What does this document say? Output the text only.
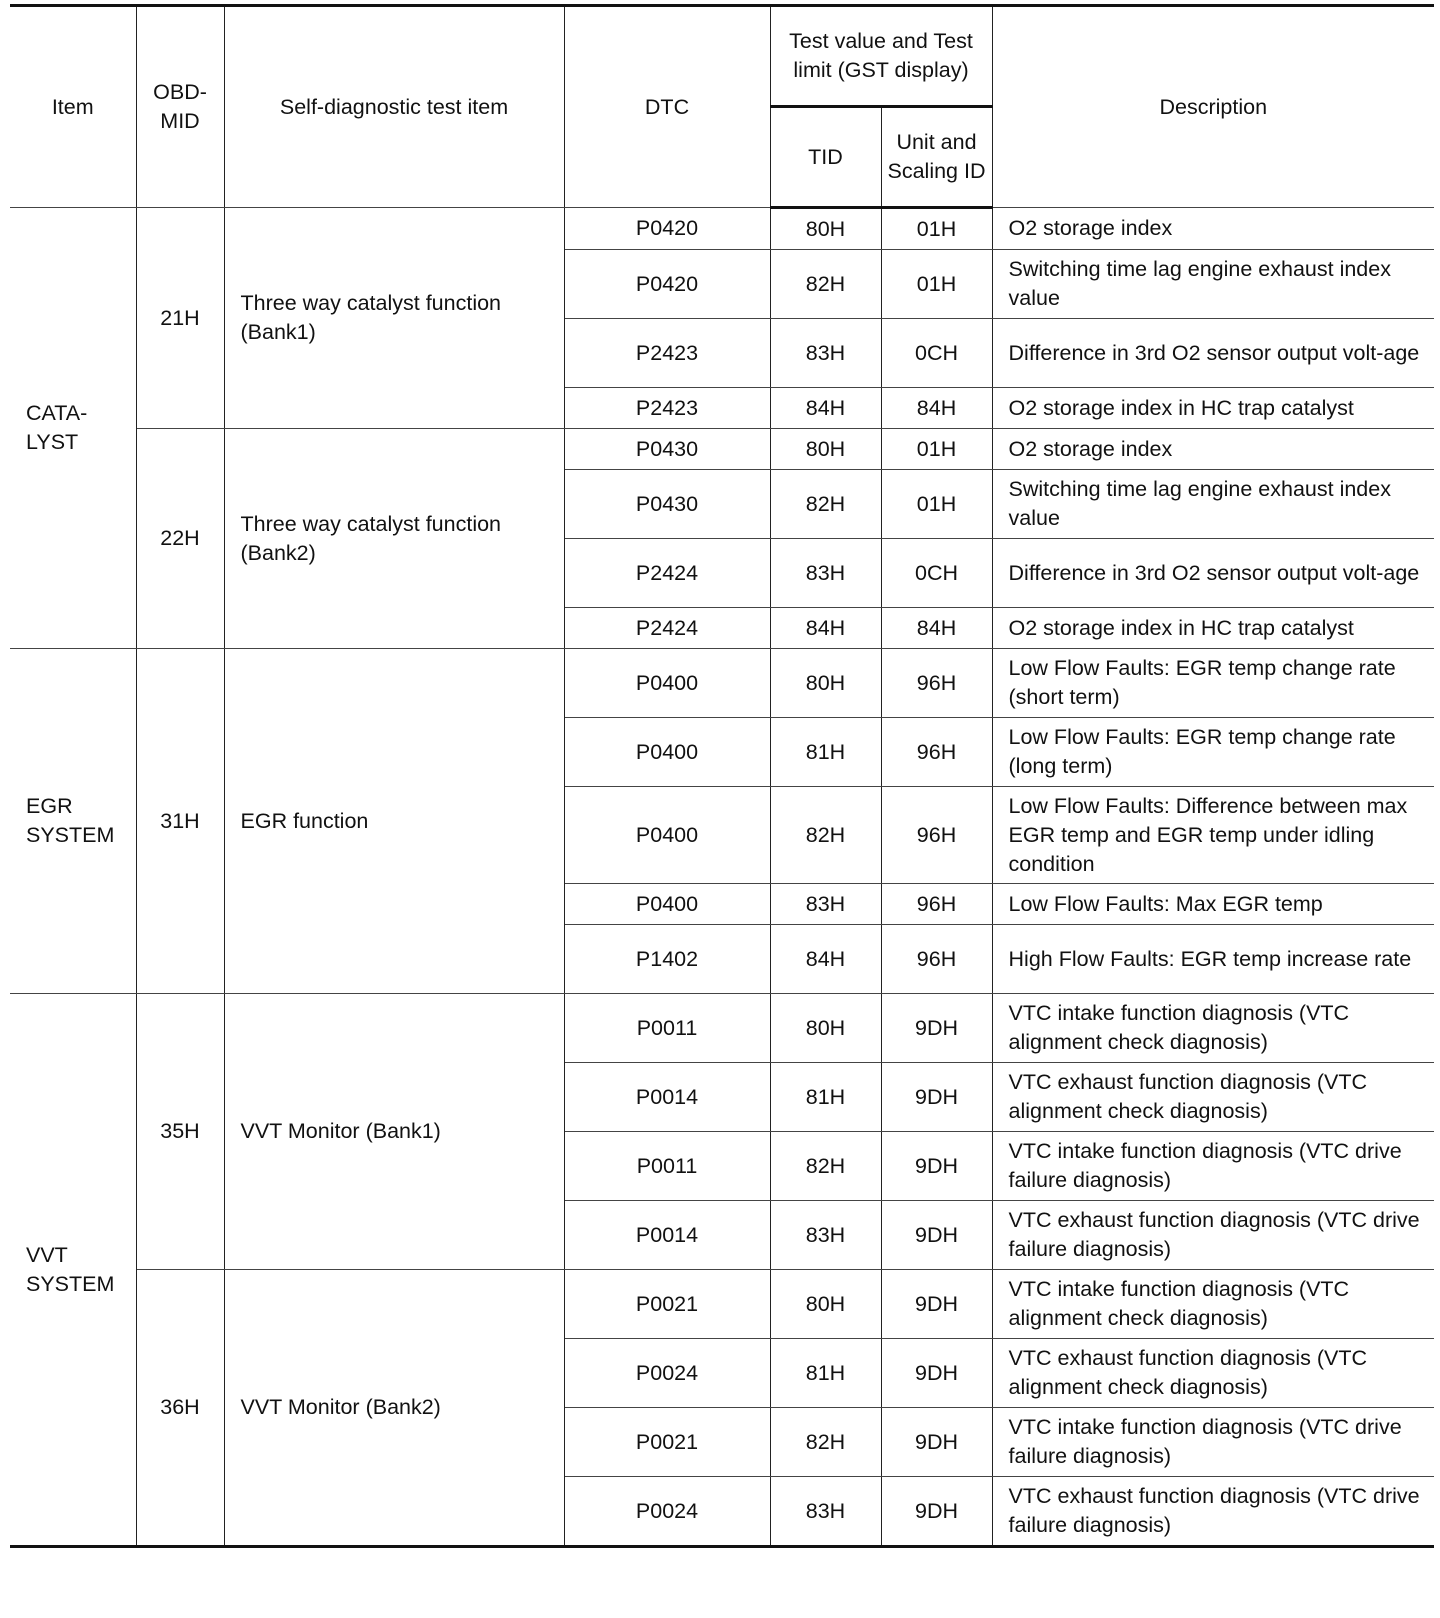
Item	OBD-MID	Self-diagnostic test item	DTC	Test value and Test limit (GST display)		Description
				TID	Unit and Scaling ID	
CATA-LYST	21H	Three way catalyst function (Bank1)	P0420	80H	01H	O2 storage index
			P0420	82H	01H	Switching time lag engine exhaust index value
			P2423	83H	0CH	Difference in 3rd O2 sensor output volt-age
			P2423	84H	84H	O2 storage index in HC trap catalyst
	22H	Three way catalyst function (Bank2)	P0430	80H	01H	O2 storage index
			P0430	82H	01H	Switching time lag engine exhaust index value
			P2424	83H	0CH	Difference in 3rd O2 sensor output volt-age
			P2424	84H	84H	O2 storage index in HC trap catalyst
EGR SYSTEM	31H	EGR function	P0400	80H	96H	Low Flow Faults: EGR temp change rate (short term)
			P0400	81H	96H	Low Flow Faults: EGR temp change rate (long term)
			P0400	82H	96H	Low Flow Faults: Difference between max EGR temp and EGR temp under idling condition
			P0400	83H	96H	Low Flow Faults: Max EGR temp
			P1402	84H	96H	High Flow Faults: EGR temp increase rate
VVT SYSTEM	35H	VVT Monitor (Bank1)	P0011	80H	9DH	VTC intake function diagnosis (VTC alignment check diagnosis)
			P0014	81H	9DH	VTC exhaust function diagnosis (VTC alignment check diagnosis)
			P0011	82H	9DH	VTC intake function diagnosis (VTC drive failure diagnosis)
			P0014	83H	9DH	VTC exhaust function diagnosis (VTC drive failure diagnosis)
	36H	VVT Monitor (Bank2)	P0021	80H	9DH	VTC intake function diagnosis (VTC alignment check diagnosis)
			P0024	81H	9DH	VTC exhaust function diagnosis (VTC alignment check diagnosis)
			P0021	82H	9DH	VTC intake function diagnosis (VTC drive failure diagnosis)
			P0024	83H	9DH	VTC exhaust function diagnosis (VTC drive failure diagnosis)
